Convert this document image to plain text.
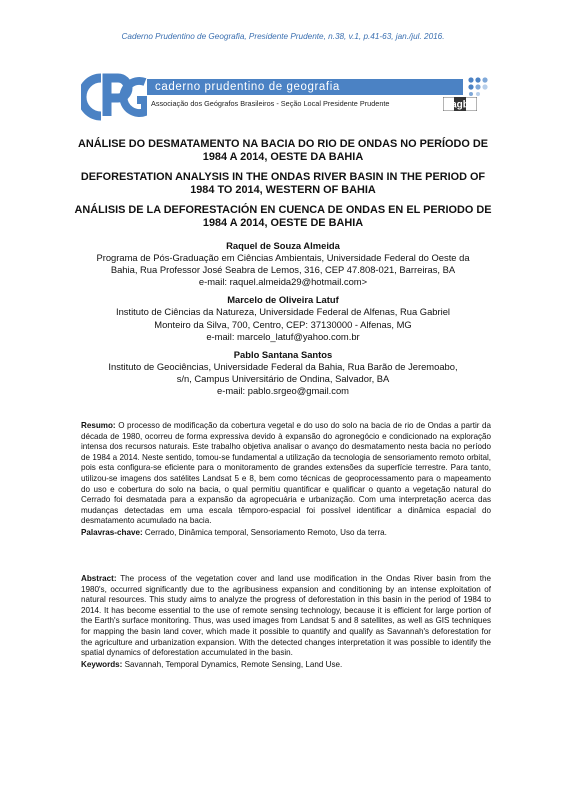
Caderno Prudentino de Geografia, Presidente Prudente, n.38, v.1, p.41-63, jan./jul. 2016.
CPG
caderno prudentino de geografia
Associação dos Geógrafos Brasileiros - Seção Local Presidente Prudente	agb
ANÁLISE DO DESMATAMENTO NA BACIA DO RIO DE ONDAS NO PERÍODO DE 1984 A 2014, OESTE DA BAHIA
DEFORESTATION ANALYSIS IN THE ONDAS RIVER BASIN IN THE PERIOD OF 1984 TO 2014, WESTERN OF BAHIA
ANÁLISIS DE LA DEFORESTACIÓN EN CUENCA DE ONDAS EN EL PERIODO DE 1984 A 2014, OESTE DE BAHIA
Raquel de Souza Almeida
Programa de Pós-Graduação em Ciências Ambientais, Universidade Federal do Oeste da
Bahia, Rua Professor José Seabra de Lemos, 316, CEP 47.808-021, Barreiras, BA
e-mail: raquel.almeida29@hotmail.com>
Marcelo de Oliveira Latuf
Instituto de Ciências da Natureza, Universidade Federal de Alfenas, Rua Gabriel
Monteiro da Silva, 700, Centro, CEP: 37130000 - Alfenas, MG
e-mail: marcelo_latuf@yahoo.com.br
Pablo Santana Santos
Instituto de Geociências, Universidade Federal da Bahia, Rua Barão de Jeremoabo,
s/n, Campus Universitário de Ondina, Salvador, BA
e-mail: pablo.srgeo@gmail.com

Resumo: O processo de modificação da cobertura vegetal e do uso do solo na bacia de rio de Ondas a partir da década de 1980, ocorreu de forma expressiva devido à expansão do agronegócio e condicionado na exploração intensa dos recursos naturais. Este trabalho objetiva analisar o avanço do desmatamento nesta bacia no período de 1984 a 2014. Neste sentido, tomou-se fundamental a utilização da tecnologia de sensoriamento remoto orbital, pois esta configura-se eficiente para o monitoramento de grandes extensões da superfície terrestre. Para tanto, utilizou-se imagens dos satélites Landsat 5 e 8, bem como técnicas de geoprocessamento para o mapeamento do uso e cobertura do solo na bacia, o qual permitiu quantificar e qualificar o quanto a vegetação natural do Cerrado foi desmatada para a expansão da agropecuária e urbanização. Com uma interpretação acerca das mudanças detectadas em uma escala têmporo-espacial foi possível identificar a dinâmica espacial do desmatamento acumulado na bacia.

Palavras-chave: Cerrado, Dinâmica temporal, Sensoriamento Remoto, Uso da terra.

Abstract: The process of the vegetation cover and land use modification in the Ondas River basin from the 1980's, occurred significantly due to the agribusiness expansion and conditioning by an intense exploitation of natural resources. This study aims to analyze the progress of deforestation in this basin in the period of 1984 to 2014. It has become essential to the use of remote sensing technology, because it is efficient for large portion of the Earth's surface monitoring. Thus, was used images from Landsat 5 and 8 satellites, as well as GIS techniques for mapping the basin land cover, which made it possible to quantify and qualify as Savannah's deforestation for the agriculture and urbanization expansion. With the detected changes interpretation it was possible to identify the spatial dynamics of deforestation accumulated in the basin.

Keywords: Savannah, Temporal Dynamics, Remote Sensing, Land Use.
